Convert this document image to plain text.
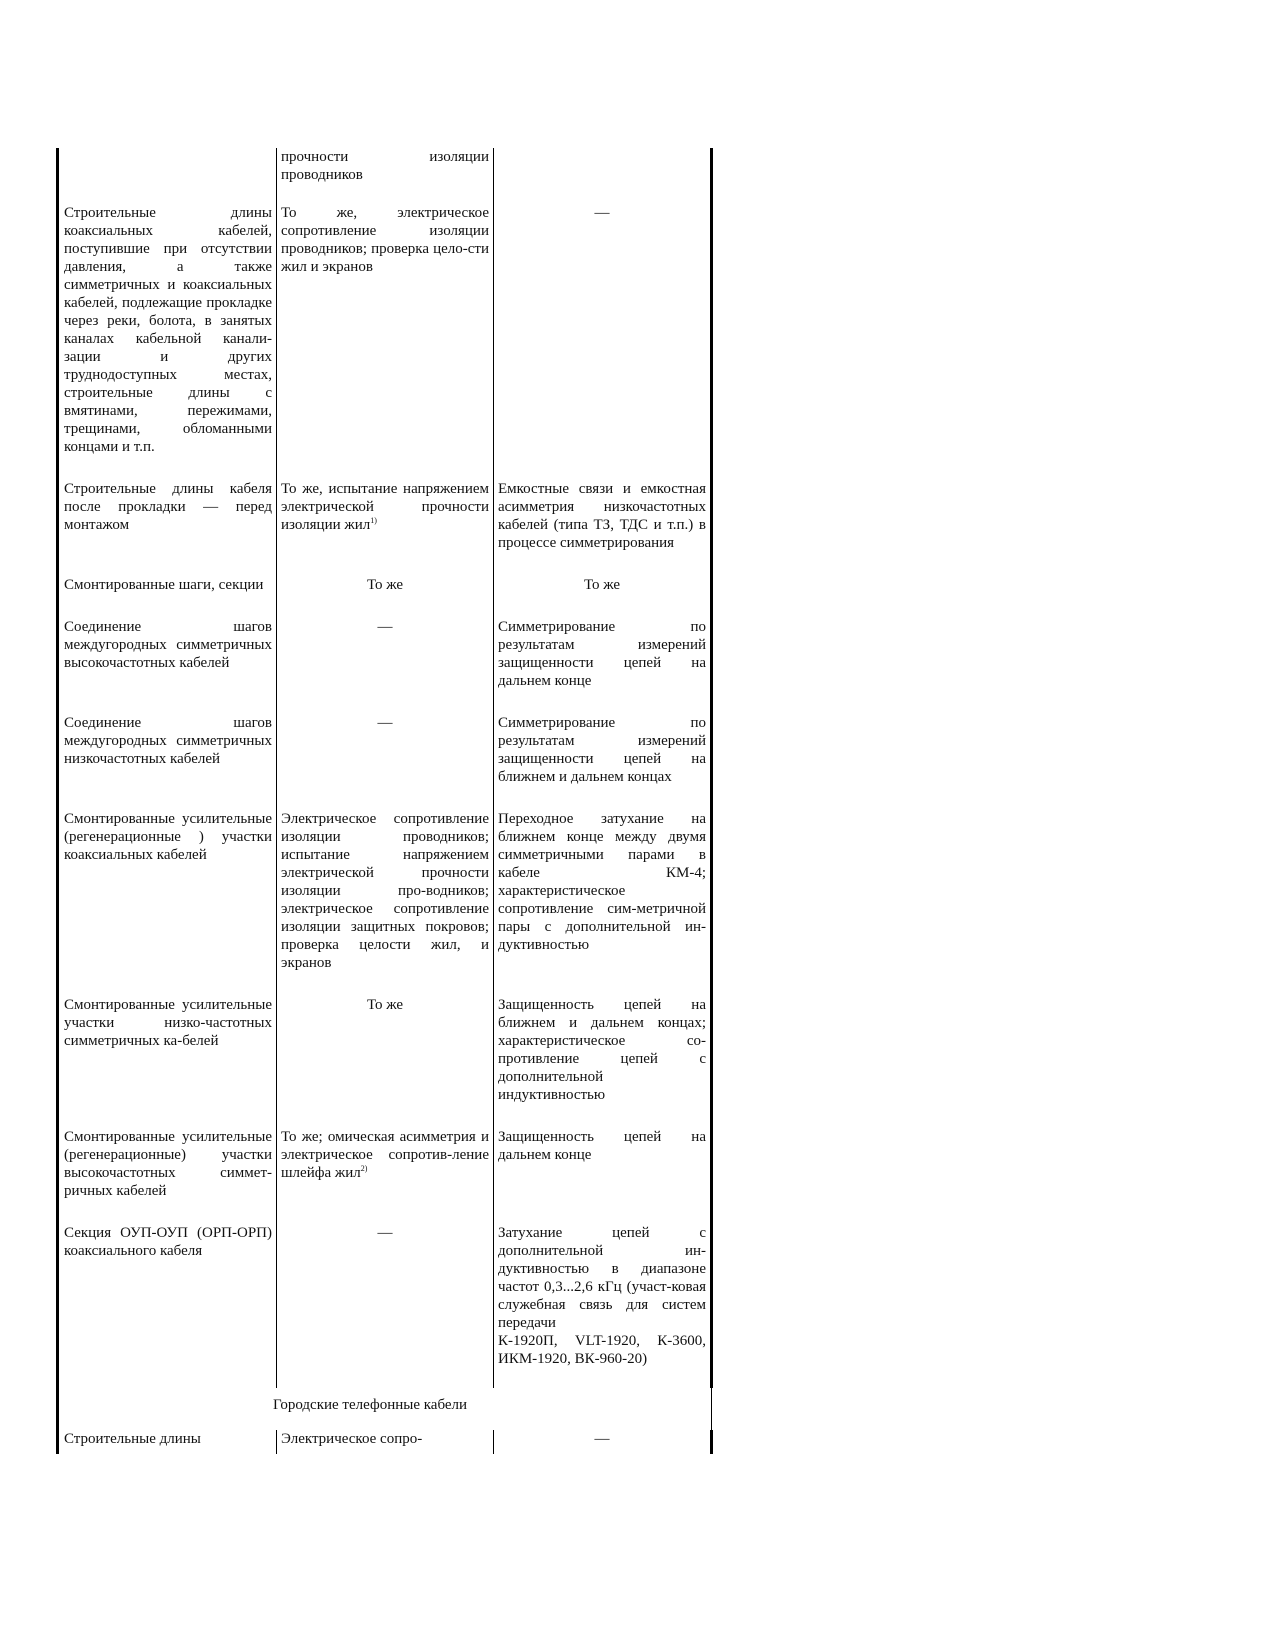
	прочности изоляции проводников	
Строительные длины коаксиальных кабелей, поступившие при отсутствии давления, а также симметричных и коаксиальных кабелей, подлежащие прокладке через реки, болота, в занятых каналах кабельной канали-зации и других труднодоступных местах, строительные длины с вмятинами, пережимами, трещинами, обломанными концами и т.п.	То же, электрическое сопротивление изоляции проводников; проверка цело-сти жил и экранов	—
Строительные длины кабеля после прокладки — перед монтажом	То же, испытание напряжением электрической прочности изоляции жил$^{1)}$	Емкостные связи и емкостная асимметрия низкочастотных кабелей (типа ТЗ, ТДС и т.п.) в процессе симметрирования
Смонтированные шаги, секции	То же	То же
Соединение шагов междугородных симметричных высокочастотных кабелей	—	Симметрирование по результатам измерений защищенности цепей на дальнем конце
Соединение шагов междугородных симметричных низкочастотных кабелей	—	Симметрирование по результатам измерений защищенности цепей на ближнем и дальнем концах
Смонтированные усилительные (регенерационные ) участки коаксиальных кабелей	Электрическое сопротивление изоляции проводников; испытание напряжением электрической прочности изоляции про-водников; электрическое сопротивление изоляции защитных покровов; проверка целости жил, и экранов	Переходное затухание на ближнем конце между двумя симметричными парами в кабеле КМ-4; характеристическое сопротивление сим-метричной пары с дополнительной ин-дуктивностью
Смонтированные усилительные участки низко-частотных симметричных ка-белей	То же	Защищенность цепей на ближнем и дальнем концах; характеристическое со-противление цепей с дополнительной индуктивностью
Смонтированные усилительные (регенерационные) участки высокочастотных симмет-ричных кабелей	То же; омическая асимметрия и электрическое сопротив-ление шлейфа жил$^{2)}$	Защищенность цепей на дальнем конце
Секция ОУП-ОУП (ОРП-ОРП) коаксиального кабеля	—	Затухание цепей с дополнительной ин-дуктивностью в диапазоне частот 0,3...2,6 кГц (участ-ковая служебная связь для систем передачи
К-1920П, VLT-1920, К-3600, ИКМ-1920, ВК-960-20)

Городские телефонные кабели		
Строительные длины	Электрическое сопро-	—
